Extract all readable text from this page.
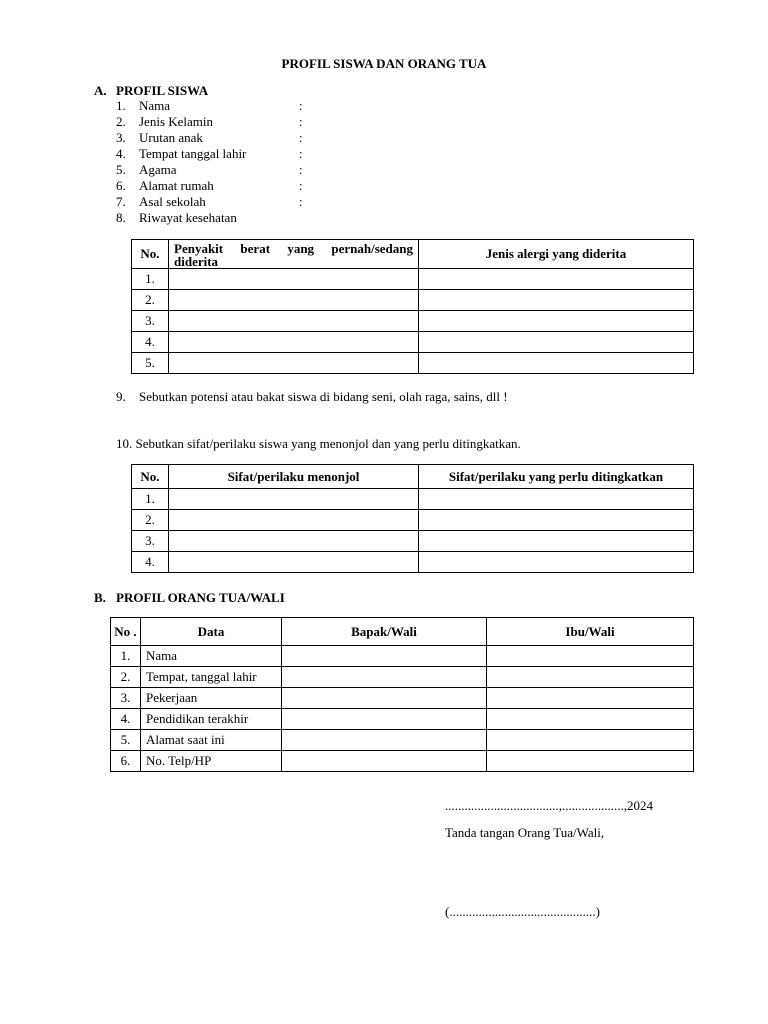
PROFIL SISWA DAN ORANG TUA
A. PROFIL SISWA
1. Nama	:
2. Jenis Kelamin	:
3. Urutan anak	:
4. Tempat tanggal lahir	:
5. Agama	:
6. Alamat rumah	:
7. Asal sekolah	:
8. Riwayat kesehatan
No.	Penyakit berat yang pernah/sedang diderita	Jenis alergi yang diderita
1.		
2.		
3.		
4.		
5.		
9. Sebutkan potensi atau bakat siswa di bidang seni, olah raga, sains, dll !
10. Sebutkan sifat/perilaku siswa yang menonjol dan yang perlu ditingkatkan.
No.	Sifat/perilaku menonjol	Sifat/perilaku yang perlu ditingkatkan
1.		
2.		
3.		
4.		
B. PROFIL ORANG TUA/WALI
No .	Data	Bapak/Wali	Ibu/Wali
1.	Nama		
2.	Tempat, tanggal lahir		
3.	Pekerjaan		
4.	Pendidikan terakhir		
5.	Alamat saat ini		
6.	No. Telp/HP		
...................................,...................,2024
Tanda tangan Orang Tua/Wali,
(.............................................)
